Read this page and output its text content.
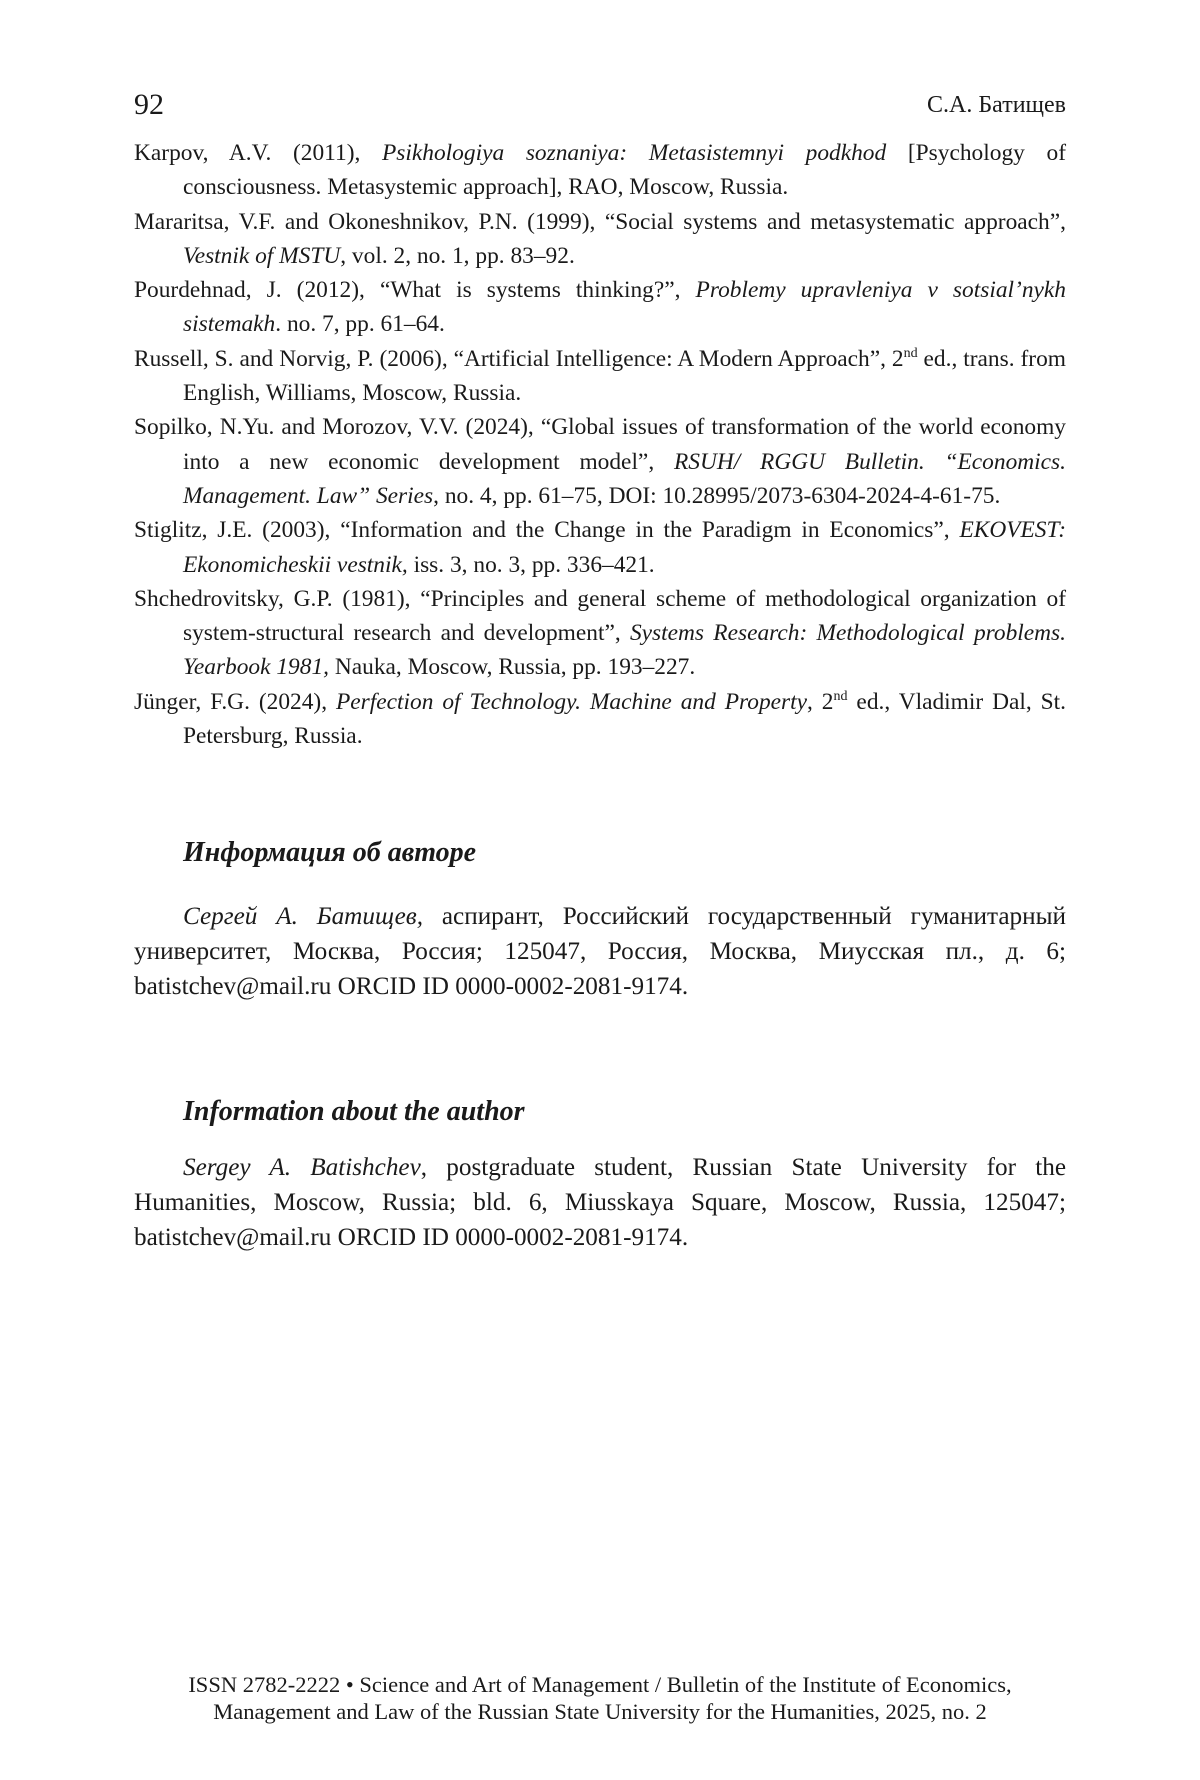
92	С.А. Батищев

Karpov, A.V. (2011), Psikhologiya soznaniya: Metasistemnyi podkhod [Psychology of consciousness. Metasystemic approach], RAO, Moscow, Russia.

Mararitsa, V.F. and Okoneshnikov, P.N. (1999), “Social systems and metasystematic approach”, Vestnik of MSTU, vol. 2, no. 1, pp. 83–92.

Pourdehnad, J. (2012), “What is systems thinking?”, Problemy upravleniya v sotsial’nykh sistemakh. no. 7, pp. 61–64.

Russell, S. and Norvig, P. (2006), “Artificial Intelligence: A Modern Approach”, 2nd ed., trans. from English, Williams, Moscow, Russia.

Sopilko, N.Yu. and Morozov, V.V. (2024), “Global issues of transformation of the world economy into a new economic development model”, RSUH/ RGGU Bulletin. “Economics. Management. Law” Series, no. 4, pp. 61–75, DOI: 10.28995/2073-6304-2024-4-61-75.

Stiglitz, J.E. (2003), “Information and the Change in the Paradigm in Economics”, EKOVEST: Ekonomicheskii vestnik, iss. 3, no. 3, pp. 336–421.

Shchedrovitsky, G.P. (1981), “Principles and general scheme of methodological organization of system-structural research and development”, Systems Research: Methodological problems. Yearbook 1981, Nauka, Moscow, Russia, pp. 193–227.

Jünger, F.G. (2024), Perfection of Technology. Machine and Property, 2nd ed., Vladimir Dal, St. Petersburg, Russia.

Информация об авторе

Сергей А. Батищев, аспирант, Российский государственный гуманитарный университет, Москва, Россия; 125047, Россия, Москва, Миусская пл., д. 6; batistchev@mail.ru ORCID ID 0000-0002-2081-9174.

Information about the author

Sergey A. Batishchev, postgraduate student, Russian State University for the Humanities, Moscow, Russia; bld. 6, Miusskaya Square, Moscow, Russia, 125047; batistchev@mail.ru ORCID ID 0000-0002-2081-9174.

ISSN 2782-2222 • Science and Art of Management / Bulletin of the Institute of Economics,
Management and Law of the Russian State University for the Humanities, 2025, no. 2
